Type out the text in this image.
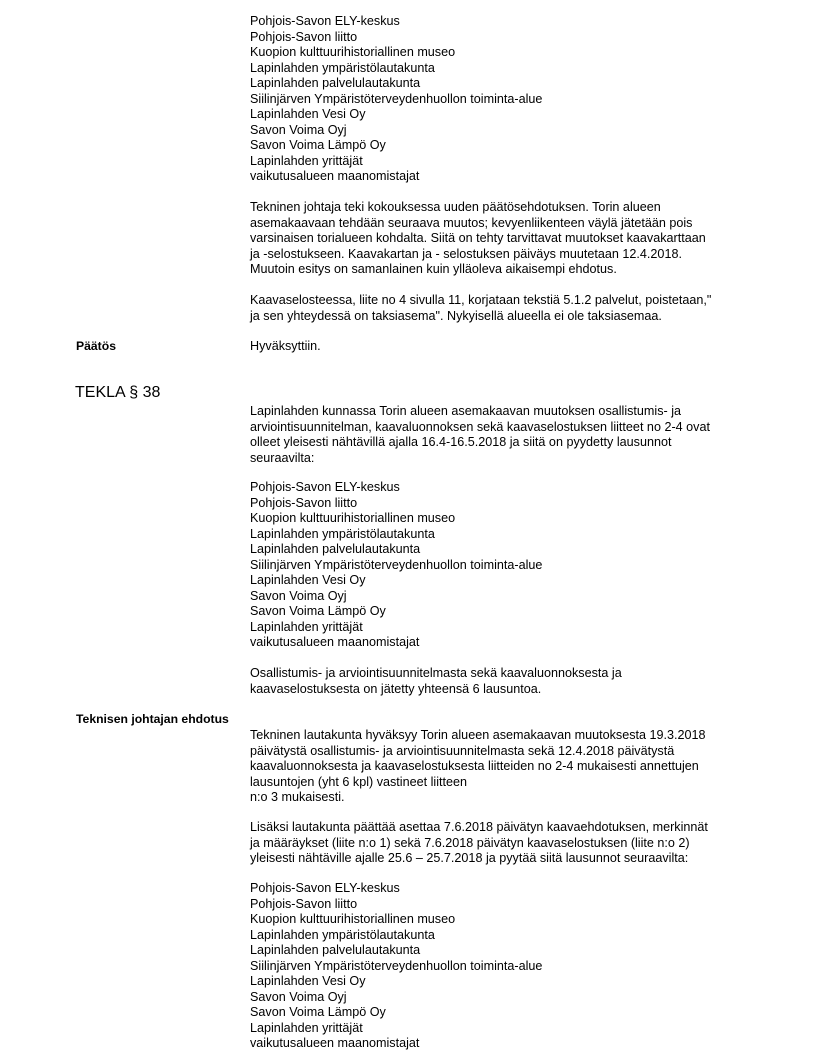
Pohjois-Savon ELY-keskus
Pohjois-Savon liitto
Kuopion kulttuurihistoriallinen museo
Lapinlahden ympäristölautakunta
Lapinlahden palvelulautakunta
Siilinjärven Ympäristöterveydenhuollon toiminta-alue
Lapinlahden Vesi Oy
Savon Voima Oyj
Savon Voima Lämpö Oy
Lapinlahden yrittäjät
vaikutusalueen maanomistajat
Tekninen johtaja teki kokouksessa uuden päätösehdotuksen. Torin alueen
asemakaavaan tehdään seuraava muutos; kevyenliikenteen väylä jätetään pois
varsinaisen torialueen kohdalta. Siitä on tehty tarvittavat muutokset kaavakarttaan
ja -selostukseen. Kaavakartan ja - selostuksen päiväys muutetaan 12.4.2018.
Muutoin esitys on samanlainen kuin ylläoleva aikaisempi ehdotus.
Kaavaselosteessa, liite no 4 sivulla 11, korjataan tekstiä 5.1.2 palvelut, poistetaan,"
ja sen yhteydessä on taksiasema". Nykyisellä alueella ei ole taksiasemaa.
Päätös	Hyväksyttiin.
TEKLA § 38
Lapinlahden kunnassa Torin alueen asemakaavan muutoksen osallistumis- ja
arviointisuunnitelman, kaavaluonnoksen sekä kaavaselostuksen liitteet no 2-4 ovat
olleet yleisesti nähtävillä ajalla 16.4-16.5.2018 ja siitä on pyydetty lausunnot
seuraavilta:
Pohjois-Savon ELY-keskus
Pohjois-Savon liitto
Kuopion kulttuurihistoriallinen museo
Lapinlahden ympäristölautakunta
Lapinlahden palvelulautakunta
Siilinjärven Ympäristöterveydenhuollon toiminta-alue
Lapinlahden Vesi Oy
Savon Voima Oyj
Savon Voima Lämpö Oy
Lapinlahden yrittäjät
vaikutusalueen maanomistajat
Osallistumis- ja arviointisuunnitelmasta sekä kaavaluonnoksesta ja
kaavaselostuksesta on jätetty yhteensä 6 lausuntoa.
Teknisen johtajan ehdotus
Tekninen lautakunta hyväksyy Torin alueen asemakaavan muutoksesta 19.3.2018
päivätystä osallistumis- ja arviointisuunnitelmasta sekä 12.4.2018 päivätystä
kaavaluonnoksesta ja kaavaselostuksesta liitteiden no 2-4 mukaisesti annettujen
lausuntojen (yht 6 kpl) vastineet liitteen
n:o 3 mukaisesti.
Lisäksi lautakunta päättää asettaa 7.6.2018 päivätyn kaavaehdotuksen, merkinnät
ja määräykset (liite n:o 1) sekä 7.6.2018 päivätyn kaavaselostuksen (liite n:o 2)
yleisesti nähtäville ajalle 25.6 – 25.7.2018 ja pyytää siitä lausunnot seuraavilta:
Pohjois-Savon ELY-keskus
Pohjois-Savon liitto
Kuopion kulttuurihistoriallinen museo
Lapinlahden ympäristölautakunta
Lapinlahden palvelulautakunta
Siilinjärven Ympäristöterveydenhuollon toiminta-alue
Lapinlahden Vesi Oy
Savon Voima Oyj
Savon Voima Lämpö Oy
Lapinlahden yrittäjät
vaikutusalueen maanomistajat
